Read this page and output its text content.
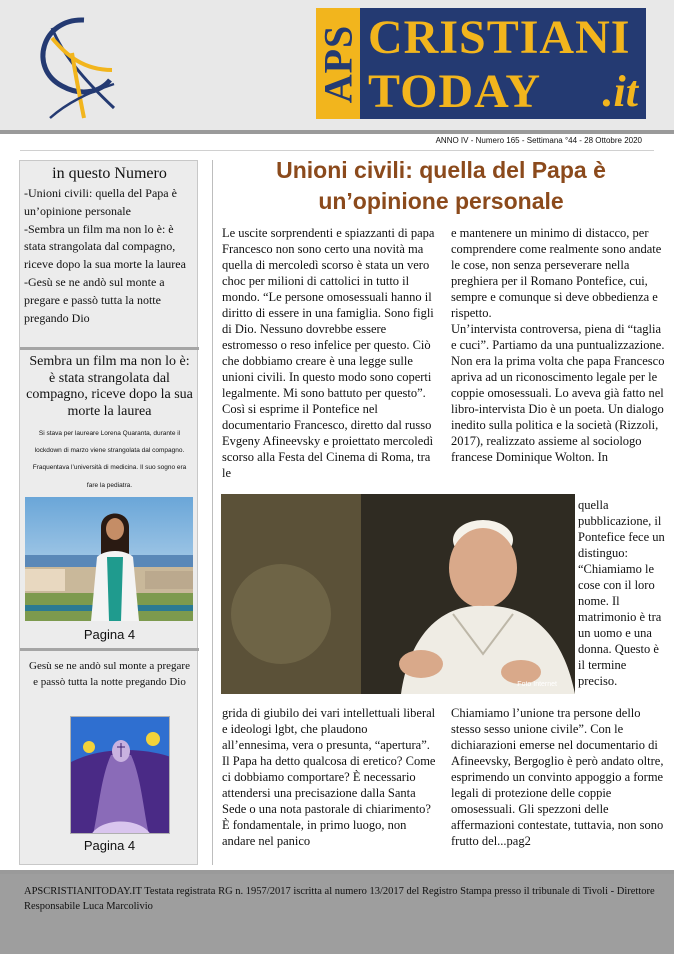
APS CRISTIANI
TODAY .it
ANNO IV - Numero 165 - Settimana °44 - 28 Ottobre 2020
in questo Numero
-Unioni civili: quella del Papa è un’opinione personale
-Sembra un film ma non lo è: è stata strangolata dal compagno, riceve dopo la sua morte la laurea
-Gesù se ne andò sul monte a pregare e passò tutta la notte pregando Dio
Sembra un film ma non lo è: è stata strangolata dal compagno, riceve dopo la sua morte la laurea
Si stava per laureare Lorena Quaranta, durante il lockdown di marzo viene strangolata dal compagno. Fraquentava l’università di medicina. Il suo sogno era fare la pediatra.
Pagina 4
Gesù se ne andò sul monte a pregare e passò tutta la notte pregando Dio
Pagina 4
Unioni civili: quella del Papa è un’opinione personale
Le uscite sorprendenti e spiazzanti di papa Francesco non sono certo una novità ma quella di mercoledì scorso è stata un vero choc per milioni di cattolici in tutto il mondo. “Le persone omosessuali hanno il diritto di essere in una famiglia. Sono figli di Dio. Nessuno dovrebbe essere estromesso o reso infelice per questo. Ciò che dobbiamo creare è una legge sulle unioni civili. In questo modo sono coperti legalmente. Mi sono battuto per questo”. Così si esprime il Pontefice nel documentario Francesco, diretto dal russo Evgeny Afineevsky e proiettato mercoledì scorso alla Festa del Cinema di Roma, tra le
e mantenere un minimo di distacco, per comprendere come realmente sono andate le cose, non senza perseverare nella preghiera per il Romano Pontefice, cui, sempre e comunque si deve obbedienza e rispetto.
Un’intervista controversa, piena di “taglia e cuci”. Partiamo da una puntualizzazione. Non era la prima volta che papa Francesco apriva ad un riconoscimento legale per le coppie omosessuali. Lo aveva già fatto nel libro-intervista Dio è un poeta. Un dialogo inedito sulla politica e la società (Rizzoli, 2017), realizzato assieme al sociologo francese Dominique Wolton. In
quella pubblicazione, il Pontefice fece un distinguo: “Chiamiamo le cose con il loro nome. Il matrimonio è tra un uomo e una donna. Questo è il termine preciso.
Foto Internet
grida di giubilo dei vari intellettuali liberal e ideologi lgbt, che plaudono all’ennesima, vera o presunta, “apertura”. Il Papa ha detto qualcosa di eretico? Come ci dobbiamo comportare? È necessario attendersi una precisazione dalla Santa Sede o una nota pastorale di chiarimento? È fondamentale, in primo luogo, non andare nel panico
Chiamiamo l’unione tra persone dello stesso sesso unione civile”. Con le dichiarazioni emerse nel documentario di Afineevsky, Bergoglio è però andato oltre, esprimendo un convinto appoggio a forme legali di protezione delle coppie omosessuali. Gli spezzoni delle affermazioni contestate, tuttavia, non sono frutto del...pag2
APSCRISTIANITODAY.IT Testata registrata RG n. 1957/2017 iscritta al numero 13/2017 del Registro Stampa presso il tribunale di Tivoli - Direttore Responsabile Luca Marcolivio
